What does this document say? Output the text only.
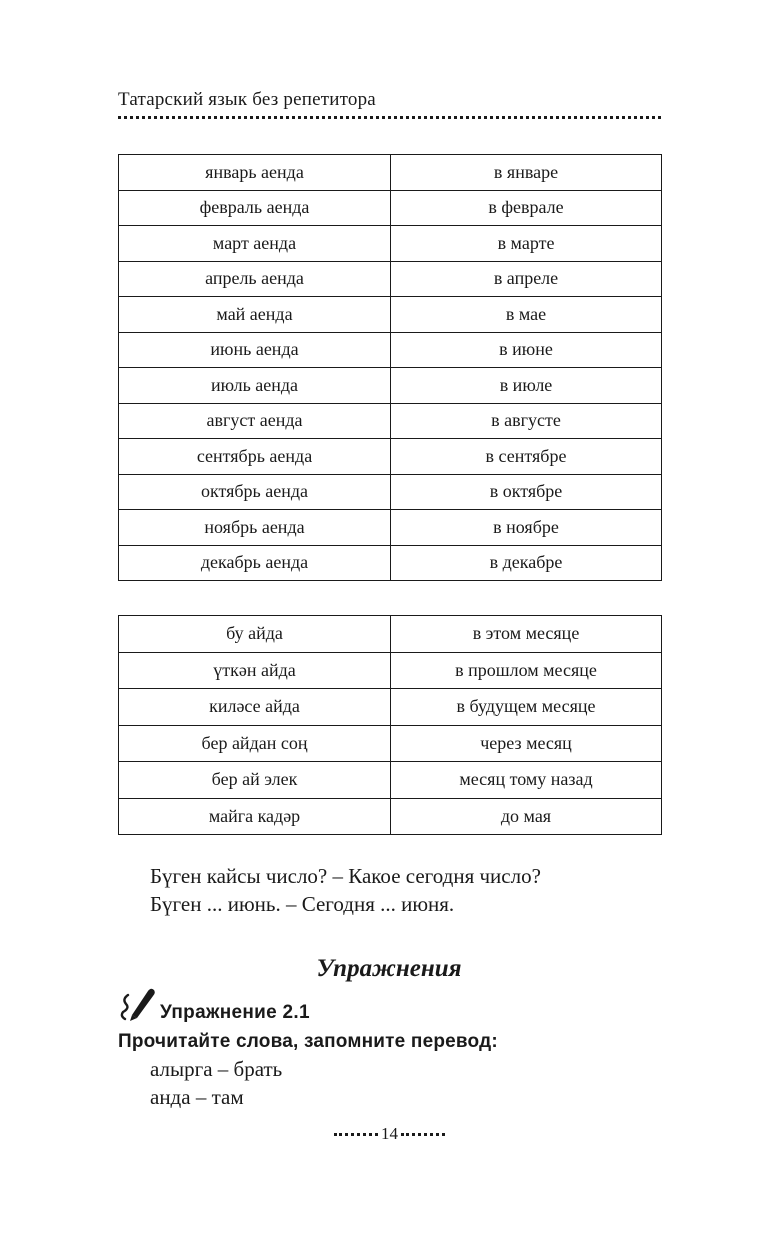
Татарский язык без репетитора
январь аенда	в январе
февраль аенда	в феврале
март аенда	в марте
апрель аенда	в апреле
май аенда	в мае
июнь аенда	в июне
июль аенда	в июле
август аенда	в августе
сентябрь аенда	в сентябре
октябрь аенда	в октябре
ноябрь аенда	в ноябре
декабрь аенда	в декабре
бу айда	в этом месяце
үткән айда	в прошлом месяце
киләсе айда	в будущем месяце
бер айдан соң	через месяц
бер ай элек	месяц тому назад
майга кадәр	до мая
Бүген кайсы число? – Какое сегодня число?
Бүген ... июнь. – Сегодня ... июня.
Упражнения
Упражнение 2.1
Прочитайте слова, запомните перевод:
алырга – брать
анда – там
14
